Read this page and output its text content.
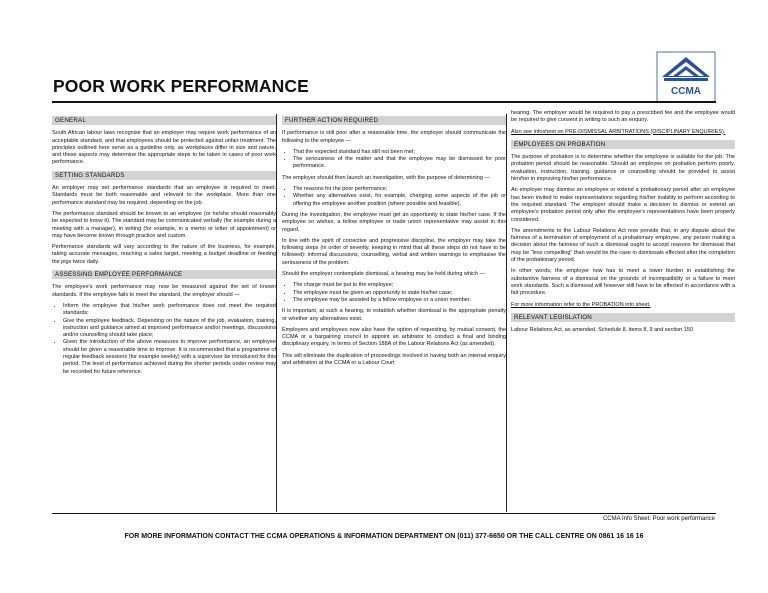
POOR WORK PERFORMANCE	CCMA
GENERAL

South African labour laws recognise that an employer may require work performance of an acceptable standard, and that employees should be protected against unfair treatment. The principles outlined here serve as a guideline only, as workplaces differ in size and nature, and these aspects may determine the appropriate steps to be taken in cases of poor work performance.

SETTING STANDARDS

An employer may set performance standards that an employee is required to meet. Standards must be both reasonable and relevant to the workplace. More than one performance standard may be required, depending on the job.

The performance standard should be known to an employee (or he/she should reasonably be expected to know it). The standard may be communicated verbally (for example during a meeting with a manager), in writing (for example, in a memo or letter of appointment) or may have become known through practice and custom.

Performance standards will vary according to the nature of the business, for example, taking accurate messages, reaching a sales target, meeting a budget deadline or feeding the pigs twice daily.

ASSESSING EMPLOYEE PERFORMANCE

The employee's work performance may now be measured against the set of known standards. If the employee fails to meet the standard, the employer should —

• Inform the employee that his/her work performance does not meet the required standards;
• Give the employee feedback. Depending on the nature of the job, evaluation, training, instruction and guidance aimed at improved performance and/or meetings, discussions and/or counselling should take place;
• Given the introduction of the above measures to improve performance, an employee should be given a reasonable time to improve. It is recommended that a programme of regular feedback sessions (for example weekly) with a supervisor be introduced for this period. The level of performance achieved during the shorter periods under review may be recorded for future reference.
FURTHER ACTION REQUIRED

If performance is still poor after a reasonable time, the employer should communicate the following to the employee —

• That the expected standard has still not been met;
• The seriousness of the matter and that the employee may be dismissed for poor performance.

The employer should then launch an investigation, with the purpose of determining —

• The reasons for the poor performance;
• Whether any alternatives exist, for example, changing some aspects of the job or offering the employee another position (where possible and feasible).

During the investigation, the employee must get an opportunity to state his/her case. If the employee so wishes, a fellow employee or trade union representative may assist in this regard.

In line with the spirit of corrective and progressive discipline, the employer may take the following steps (in order of severity, keeping in mind that all these steps do not have to be followed): informal discussions, counselling, verbal and written warnings to emphasise the seriousness of the problem.

Should the employer contemplate dismissal, a hearing may be held during which —

• The charge must be put to the employee;
• The employee must be given an opportunity to state his/her case;
• The employee may be assisted by a fellow employee or a union member.

It is important, at such a hearing, to establish whether dismissal is the appropriate penalty or whether any alternatives exist.

Employers and employees now also have the option of requesting, by mutual consent, the CCMA or a bargaining council to appoint an arbitrator to conduct a final and binding disciplinary enquiry, in terms of Section 188A of the Labour Relations Act (as amended).

This will eliminate the duplication of proceedings involved in having both an internal enquiry and arbitration at the CCMA or a Labour Court

hearing. The employer would be required to pay a prescribed fee and the employee would be required to give consent in writing to such an enquiry.

Also see infosheet on PRE-DISMISSAL ARBITRATIONS (DISCIPLINARY ENQUIRIES).

EMPLOYEES ON PROBATION

The purpose of probation is to determine whether the employee is suitable for the job. The probation period should be reasonable. Should an employee on probation perform poorly, evaluation, instruction, training, guidance or counselling should be provided to assist him/her in improving his/her performance.

An employer may dismiss an employee or extend a probationary period after an employee has been invited to make representations regarding his/her inability to perform according to the required standard. The employer should make a decision to dismiss or extend an employee's probation period only after the employee's representations have been properly considered.

The amendments to the Labour Relations Act now provide that, in any dispute about the fairness of a termination of employment of a probationary employee, any person making a decision about the fairness of such a dismissal ought to accept reasons for dismissal that may be "less compelling" than would be the case in dismissals effected after the completion of the probationary period.

In other words, the employer now has to meet a lower burden in establishing the substantive fairness of a dismissal on the grounds of incompatibility or a failure to meet work standards. Such a dismissal will however still have to be effected in accordance with a fair procedure.

For more information refer to the PROBATION info sheet.

RELEVANT LEGISLATION

Labour Relations Act, as amended, Schedule 8, items 8, 9 and section 150

CCMA Info Sheet: Poor work performance
FOR MORE INFORMATION CONTACT THE CCMA OPERATIONS & INFORMATION DEPARTMENT ON (011) 377-6650 OR THE CALL CENTRE ON 0861 16 16 16
